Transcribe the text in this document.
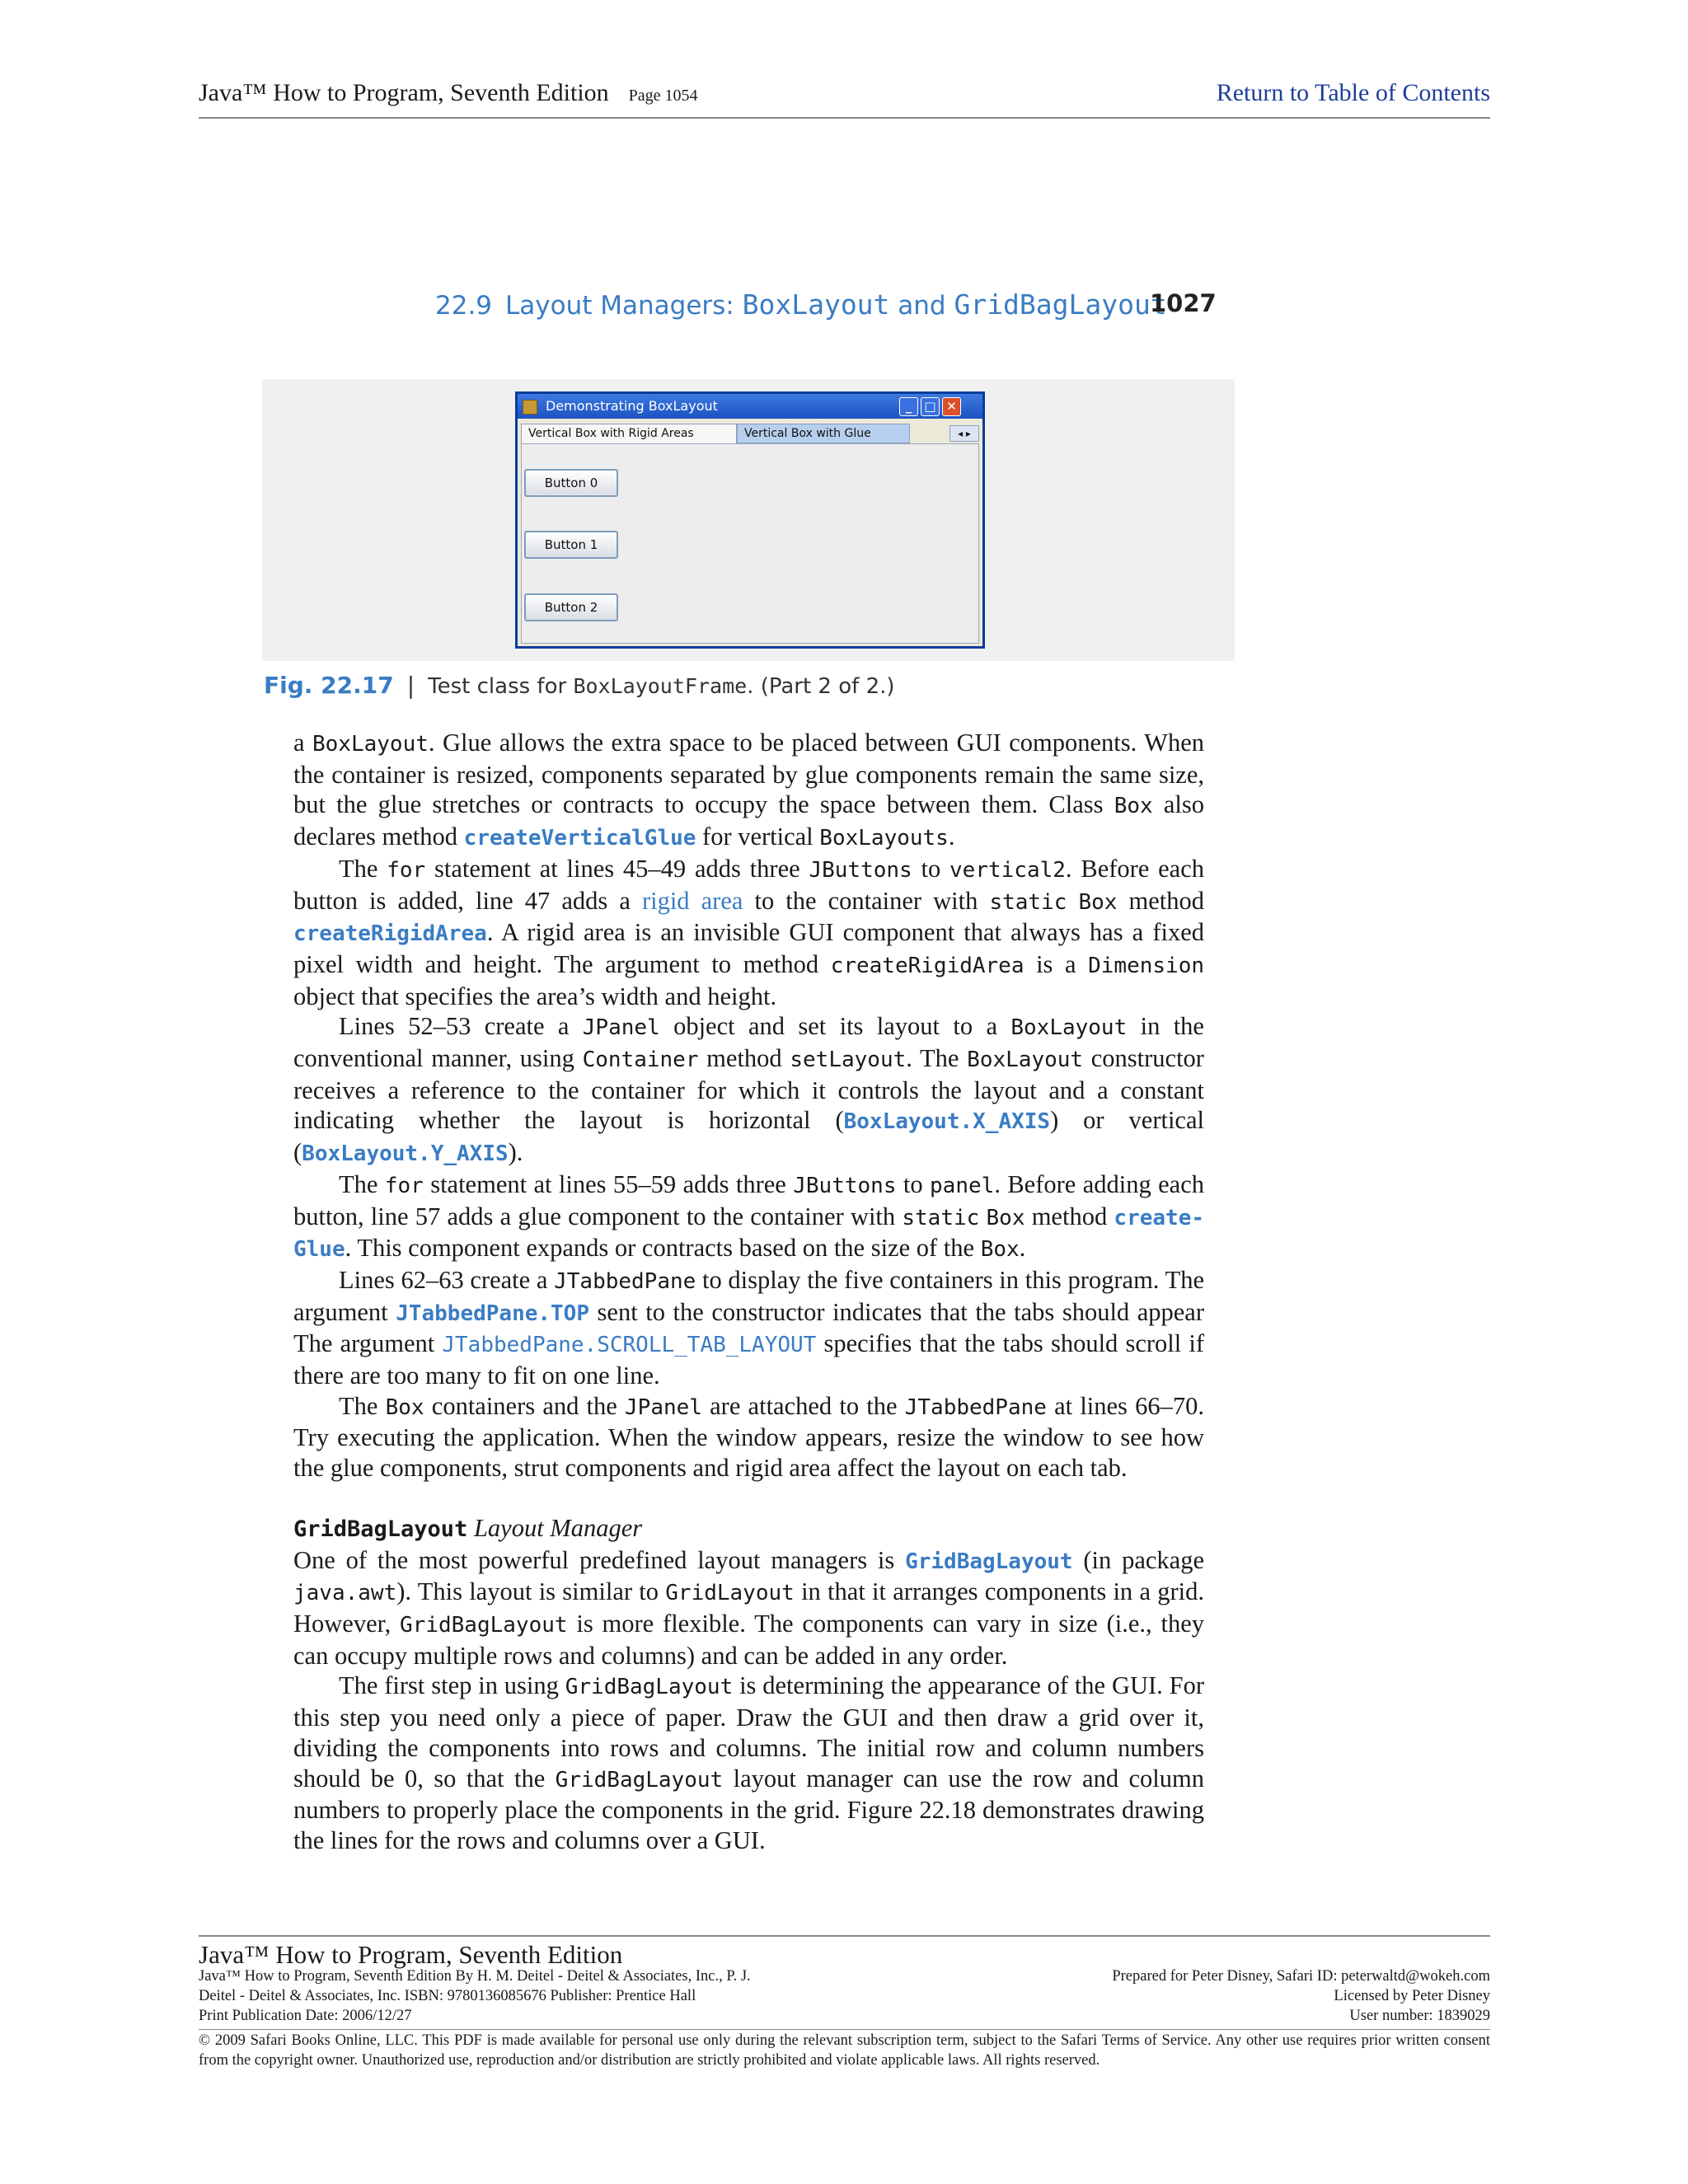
Java™ How to Program, Seventh Edition Page 1054	Return to Table of Contents
22.9 Layout Managers: BoxLayout and GridBagLayout
1027
Demonstrating BoxLayout	_	□ ✕
Vertical Box with Rigid Areas	Vertical Box with Glue	◂ ▸
Button 0
Button 1
Button 2
Fig. 22.17 | Test class for BoxLayoutFrame. (Part 2 of 2.)

a BoxLayout. Glue allows the extra space to be placed between GUI components. When the container is resized, components separated by glue components remain the same size, but the glue stretches or contracts to occupy the space between them. Class Box also declares method createVerticalGlue for vertical BoxLayouts.

The for statement at lines 45–49 adds three JButtons to vertical2. Before each button is added, line 47 adds a rigid area to the container with static Box method createRigidArea. A rigid area is an invisible GUI component that always has a fixed pixel width and height. The argument to method createRigidArea is a Dimension object that specifies the area’s width and height.

Lines 52–53 create a JPanel object and set its layout to a BoxLayout in the conventional manner, using Container method setLayout. The BoxLayout constructor receives a reference to the container for which it controls the layout and a constant indicating whether the layout is horizontal (BoxLayout.X_AXIS) or vertical (BoxLayout.Y_AXIS).

The for statement at lines 55–59 adds three JButtons to panel. Before adding each button, line 57 adds a glue component to the container with static Box method create-Glue. This component expands or contracts based on the size of the Box.

Lines 62–63 create a JTabbedPane to display the five containers in this program. The argument JTabbedPane.TOP sent to the constructor indicates that the tabs should appear The argument JTabbedPane.SCROLL_TAB_LAYOUT specifies that the tabs should scroll if there are too many to fit on one line.

The Box containers and the JPanel are attached to the JTabbedPane at lines 66–70. Try executing the application. When the window appears, resize the window to see how the glue components, strut components and rigid area affect the layout on each tab.

GridBagLayout Layout Manager

One of the most powerful predefined layout managers is GridBagLayout (in package java.awt). This layout is similar to GridLayout in that it arranges components in a grid. However, GridBagLayout is more flexible. The components can vary in size (i.e., they can occupy multiple rows and columns) and can be added in any order.

The first step in using GridBagLayout is determining the appearance of the GUI. For this step you need only a piece of paper. Draw the GUI and then draw a grid over it, dividing the components into rows and columns. The initial row and column numbers should be 0, so that the GridBagLayout layout manager can use the row and column numbers to properly place the components in the grid. Figure 22.18 demonstrates drawing the lines for the rows and columns over a GUI.

Java™ How to Program, Seventh Edition
Java™ How to Program, Seventh Edition By H. M. Deitel - Deitel & Associates, Inc., P. J.	Prepared for Peter Disney, Safari ID: peterwaltd@wokeh.com
Deitel - Deitel & Associates, Inc. ISBN: 9780136085676 Publisher: Prentice Hall	Licensed by Peter Disney
Print Publication Date: 2006/12/27	User number: 1839029
© 2009 Safari Books Online, LLC. This PDF is made available for personal use only during the relevant subscription term, subject to the Safari Terms of Service. Any other use requires prior written consent from the copyright owner. Unauthorized use, reproduction and/or distribution are strictly prohibited and violate applicable laws. All rights reserved.
